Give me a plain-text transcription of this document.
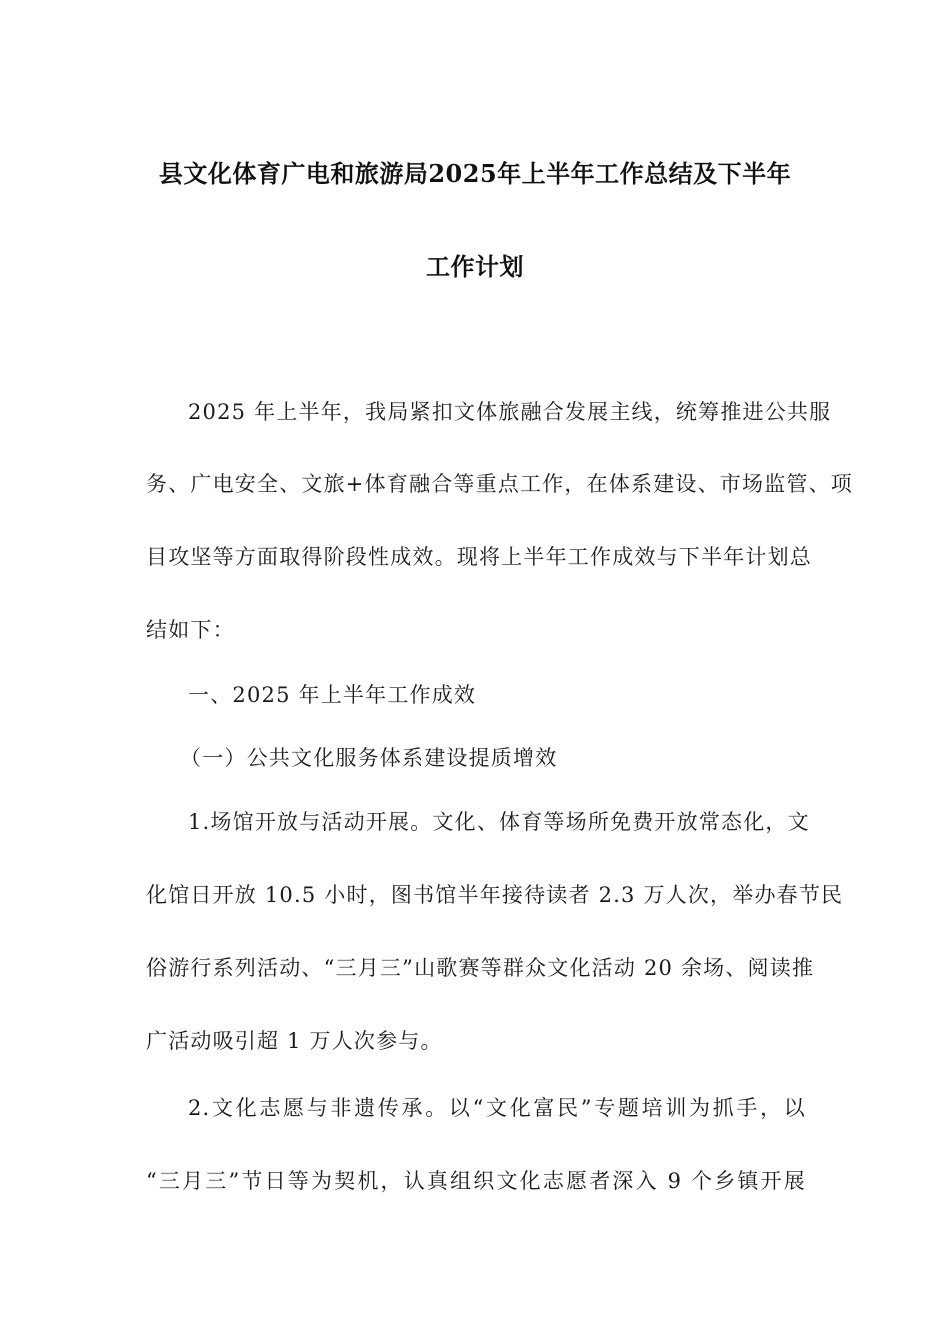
县文化体育广电和旅游局2025年上半年工作总结及下半年
工作计划
2025 年上半年，我局紧扣文体旅融合发展主线，统筹推进公共服
务、广电安全、文旅+体育融合等重点工作，在体系建设、市场监管、项
目攻坚等方面取得阶段性成效。现将上半年工作成效与下半年计划总
结如下：
一、2025 年上半年工作成效
（一）公共文化服务体系建设提质增效
1.场馆开放与活动开展。文化、体育等场所免费开放常态化，文
化馆日开放 10.5 小时，图书馆半年接待读者 2.3 万人次，举办春节民
俗游行系列活动、“三月三”山歌赛等群众文化活动 20 余场、阅读推
广活动吸引超 1 万人次参与。
2.文化志愿与非遗传承。以“文化富民”专题培训为抓手，以
“三月三”节日等为契机，认真组织文化志愿者深入 9 个乡镇开展
